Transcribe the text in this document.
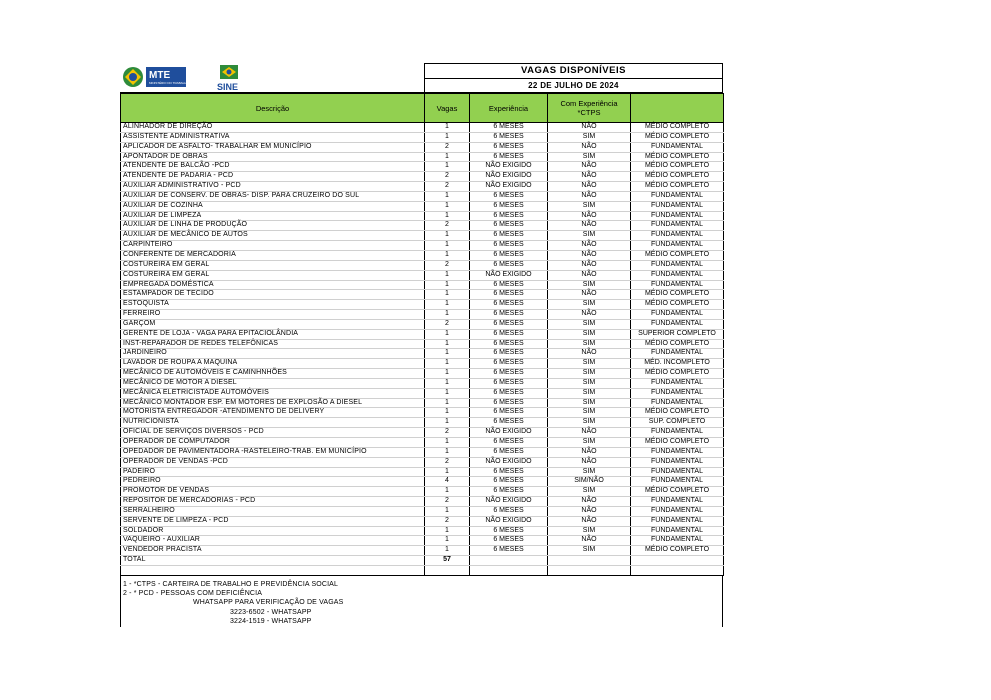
MTE
MINISTÉRIO DO TRABALHO E EMPREGO SINE
VAGAS DISPONÍVEIS
22 DE JULHO DE 2024
Descrição	Vagas	Experiência	Com Experiência *CTPS	
ALINHADOR DE DIREÇÃO	1	6 MESES	NÃO	MÉDIO COMPLETO
ASSISTENTE ADMINISTRATIVA	1	6 MESES	SIM	MÉDIO COMPLETO
APLICADOR DE ASFALTO- TRABALHAR EM MUNICÍPIO	2	6 MESES	NÃO	FUNDAMENTAL
APONTADOR DE OBRAS	1	6 MESES	SIM	MÉDIO COMPLETO
ATENDENTE DE BALCÃO -PCD	1	NÃO EXIGIDO	NÃO	MÉDIO COMPLETO
ATENDENTE DE PADARIA - PCD	2	NÃO EXIGIDO	NÃO	MÉDIO COMPLETO
AUXILIAR ADMINISTRATIVO - PCD	2	NÃO EXIGIDO	NÃO	MÉDIO COMPLETO
AUXILIAR DE CONSERV. DE OBRAS- DISP. PARA CRUZEIRO DO SUL	1	6 MESES	NÃO	FUNDAMENTAL
AUXILIAR DE COZINHA	1	6 MESES	SIM	FUNDAMENTAL
AUXILIAR DE LIMPEZA	1	6 MESES	NÃO	FUNDAMENTAL
AUXILIAR DE LINHA DE PRODUÇÃO	2	6 MESES	NÃO	FUNDAMENTAL
AUXILIAR DE MECÂNICO DE AUTOS	1	6 MESES	SIM	FUNDAMENTAL
CARPINTEIRO	1	6 MESES	NÃO	FUNDAMENTAL
CONFERENTE DE MERCADORIA	1	6 MESES	NÃO	MÉDIO COMPLETO
COSTUREIRA EM GERAL	2	6 MESES	NÃO	FUNDAMENTAL
COSTUREIRA EM GERAL	1	NÃO EXIGIDO	NÃO	FUNDAMENTAL
EMPREGADA DOMÉSTICA	1	6 MESES	SIM	FUNDAMENTAL
ESTAMPADOR DE TECIDO	1	6 MESES	NÃO	MÉDIO COMPLETO
ESTOQUISTA	1	6 MESES	SIM	MÉDIO COMPLETO
FERREIRO	1	6 MESES	NÃO	FUNDAMENTAL
GARÇOM	2	6 MESES	SIM	FUNDAMENTAL
GERENTE DE LOJA - VAGA PARA EPITACIOLÂNDIA	1	6 MESES	SIM	SUPERIOR COMPLETO
INST-REPARADOR DE REDES TELEFÔNICAS	1	6 MESES	SIM	MÉDIO COMPLETO
JARDINEIRO	1	6 MESES	NÃO	FUNDAMENTAL
LAVADOR DE ROUPA A MAQUINA	1	6 MESES	SIM	MÉD. INCOMPLETO
MECÂNICO DE AUTOMÓVEIS E CAMINHNHÕES	1	6 MESES	SIM	MÉDIO COMPLETO
MECÂNICO DE MOTOR A DIESEL	1	6 MESES	SIM	FUNDAMENTAL
MECÂNICA ELETRICISTADE AUTOMÓVEIS	1	6 MESES	SIM	FUNDAMENTAL
MECÂNICO MONTADOR ESP. EM MOTORES DE EXPLOSÃO A DIESEL	1	6 MESES	SIM	FUNDAMENTAL
MOTORISTA ENTREGADOR -ATENDIMENTO DE DELIVERY	1	6 MESES	SIM	MÉDIO COMPLETO
NUTRICIONISTA	1	6 MESES	SIM	SUP. COMPLETO
OFICIAL DE SERVIÇOS DIVERSOS - PCD	2	NÃO EXIGIDO	NÃO	FUNDAMENTAL
OPERADOR DE COMPUTADOR	1	6 MESES	SIM	MÉDIO COMPLETO
OPEDADOR DE PAVIMENTADORA -RASTELEIRO-TRAB. EM MUNICÍPIO	1	6 MESES	NÃO	FUNDAMENTAL
OPERADOR DE VENDAS -PCD	2	NÃO EXIGIDO	NÃO	FUNDAMENTAL
PADEIRO	1	6 MESES	SIM	FUNDAMENTAL
PEDREIRO	4	6 MESES	SIM/NÃO	FUNDAMENTAL
PROMOTOR DE VENDAS	1	6 MESES	SIM	MÉDIO COMPLETO
REPOSITOR DE MERCADORIAS - PCD	2	NÃO EXIGIDO	NÃO	FUNDAMENTAL
SERRALHEIRO	1	6 MESES	NÃO	FUNDAMENTAL
SERVENTE DE LIMPEZA - PCD	2	NÃO EXIGIDO	NÃO	FUNDAMENTAL
SOLDADOR	1	6 MESES	SIM	FUNDAMENTAL
VAQUEIRO - AUXILIAR	1	6 MESES	NÃO	FUNDAMENTAL
VENDEDOR PRACISTA	1	6 MESES	SIM	MÉDIO COMPLETO
TOTAL	57			

1 - *CTPS - CARTEIRA DE TRABALHO E PREVIDÊNCIA SOCIAL
2 - * PCD - PESSOAS COM DEFICIÊNCIA
WHATSAPP PARA VERIFICAÇÃO DE VAGAS
3223-6502 - WHATSAPP
3224-1519 - WHATSAPP
